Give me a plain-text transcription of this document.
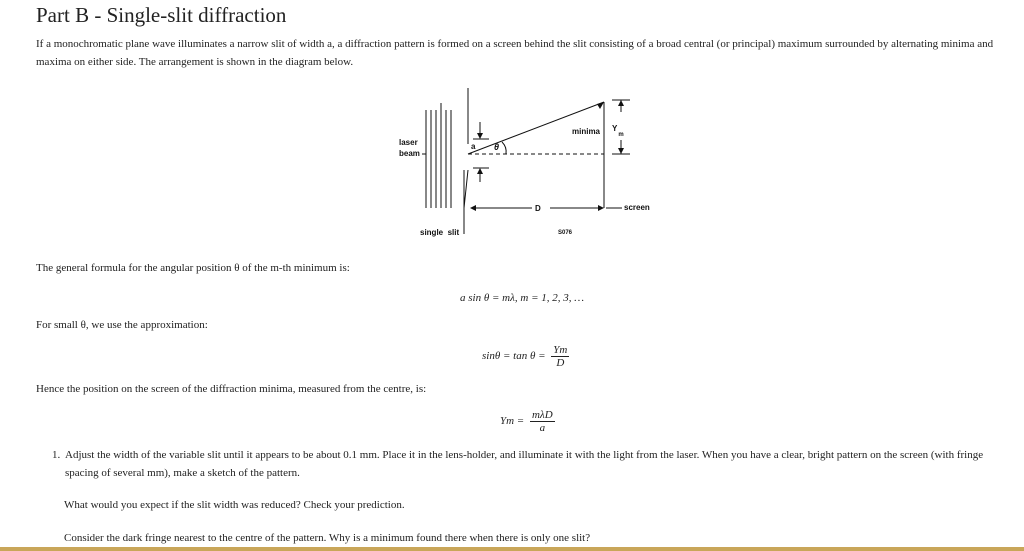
Part B - Single-slit diffraction
If a monochromatic plane wave illuminates a narrow slit of width a, a diffraction pattern is formed on a screen behind the slit consisting of a broad central (or principal) maximum surrounded by alternating minima and maxima on either side. The arrangement is shown in the diagram below.
laser
beam
a θ
minima $Y_m$
D	screen
single  slit	S076
The general formula for the angular position θ of the m-th minimum is:
a sin θ = mλ, m = 1, 2, 3, …
For small θ, we use the approximation:
$\sin\theta = \tan \theta = \frac{Ym}{D}$
Hence the position on the screen of the diffraction minima, measured from the centre, is:
$Ym = \frac{\text{mλD}}{a}$
1. Adjust the width of the variable slit until it appears to be about 0.1 mm. Place it in the lens-holder, and illuminate it with the light from the laser. When you have a clear, bright pattern on the screen (with fringe spacing of several mm), make a sketch of the pattern.
What would you expect if the slit width was reduced? Check your prediction.
Consider the dark fringe nearest to the centre of the pattern. Why is a minimum found there when there is only one slit?
